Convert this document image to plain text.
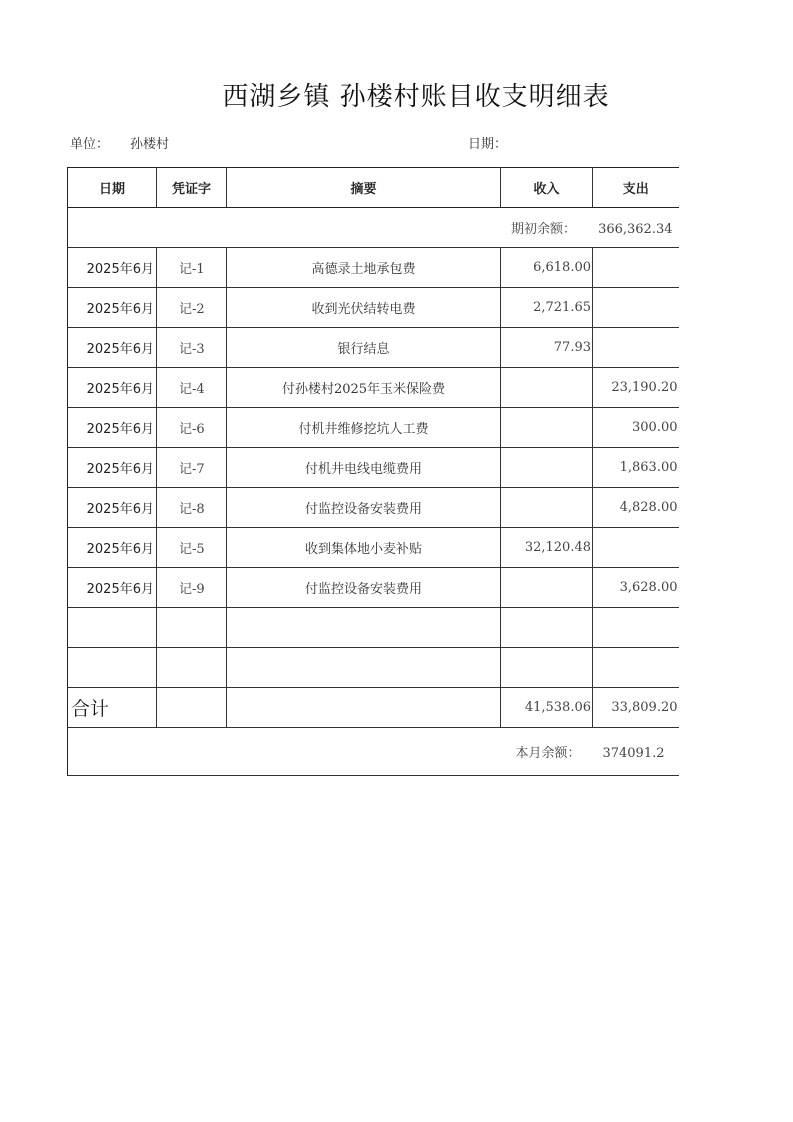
西湖乡镇 孙楼村账目收支明细表
单位： 孙楼村	日期：
日期	凭证字	摘要	收入	支出
期初余额： 366,362.34				
2025年6月	记-1	高德录土地承包费	6,618.00	
2025年6月	记-2	收到光伏结转电费	2,721.65	
2025年6月	记-3	银行结息	77.93	
2025年6月	记-4	付孙楼村2025年玉米保险费		23,190.20
2025年6月	记-6	付机井维修挖坑人工费		300.00
2025年6月	记-7	付机井电线电缆费用		1,863.00
2025年6月	记-8	付监控设备安装费用		4,828.00
2025年6月	记-5	收到集体地小麦补贴	32,120.48	
2025年6月	记-9	付监控设备安装费用		3,628.00

合计			41,538.06	33,809.20
本月余额： 374091.2				
